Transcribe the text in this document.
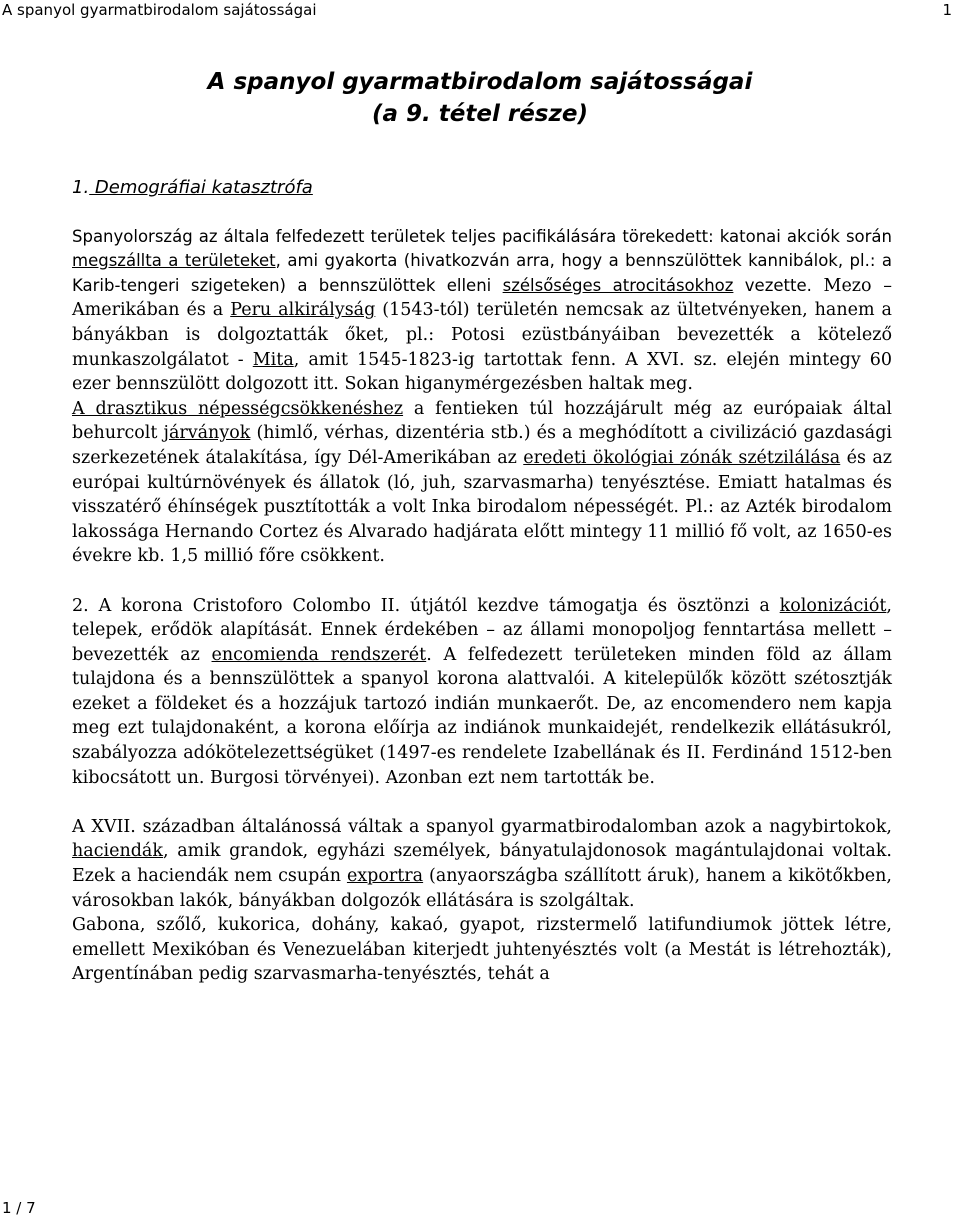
A spanyol gyarmatbirodalom sajátosságai	1
A spanyol gyarmatbirodalom sajátosságai
(a 9. tétel része)

1. Demográfiai katasztrófa

Spanyolország az általa felfedezett területek teljes pacifikálására törekedett: katonai akciók során megszállta a területeket, ami gyakorta (hivatkozván arra, hogy a bennszülöttek kannibálok, pl.: a Karib-tengeri szigeteken) a bennszülöttek elleni szélsőséges atrocitásokhoz vezette. Mezo – Amerikában és a Peru alkirályság (1543-tól) területén nemcsak az ültetvényeken, hanem a bányákban is dolgoztatták őket, pl.: Potosi ezüstbányáiban bevezették a kötelező munkaszolgálatot - Mita, amit 1545-1823-ig tartottak fenn. A XVI. sz. elején mintegy 60 ezer bennszülött dolgozott itt. Sokan higanymérgezésben haltak meg.

A drasztikus népességcsökkenéshez a fentieken túl hozzájárult még az európaiak által behurcolt járványok (himlő, vérhas, dizentéria stb.) és a meghódított a civilizáció gazdasági szerkezetének átalakítása, így Dél-Amerikában az eredeti ökológiai zónák szétzilálása és az európai kultúrnövények és állatok (ló, juh, szarvasmarha) tenyésztése. Emiatt hatalmas és visszatérő éhínségek pusztították a volt Inka birodalom népességét. Pl.: az Azték birodalom lakossága Hernando Cortez és Alvarado hadjárata előtt mintegy 11 millió fő volt, az 1650-es évekre kb. 1,5 millió főre csökkent.

2. A korona Cristoforo Colombo II. útjától kezdve támogatja és ösztönzi a kolonizációt, telepek, erődök alapítását. Ennek érdekében – az állami monopoljog fenntartása mellett – bevezették az encomienda rendszerét. A felfedezett területeken minden föld az állam tulajdona és a bennszülöttek a spanyol korona alattvalói. A kitelepülők között szétosztják ezeket a földeket és a hozzájuk tartozó indián munkaerőt. De, az encomendero nem kapja meg ezt tulajdonaként, a korona előírja az indiánok munkaidejét, rendelkezik ellátásukról, szabályozza adókötelezettségüket (1497-es rendelete Izabellának és II. Ferdinánd 1512-ben kibocsátott un. Burgosi törvényei). Azonban ezt nem tartották be.

A XVII. században általánossá váltak a spanyol gyarmatbirodalomban azok a nagybirtokok, haciendák, amik grandok, egyházi személyek, bányatulajdonosok magántulajdonai voltak. Ezek a haciendák nem csupán exportra (anyaországba szállított áruk), hanem a kikötőkben, városokban lakók, bányákban dolgozók ellátására is szolgáltak.

Gabona, szőlő, kukorica, dohány, kakaó, gyapot, rizstermelő latifundiumok jöttek létre, emellett Mexikóban és Venezuelában kiterjedt juhtenyésztés volt (a Mestát is létrehozták), Argentínában pedig szarvasmarha-tenyésztés, tehát a

1 / 7
